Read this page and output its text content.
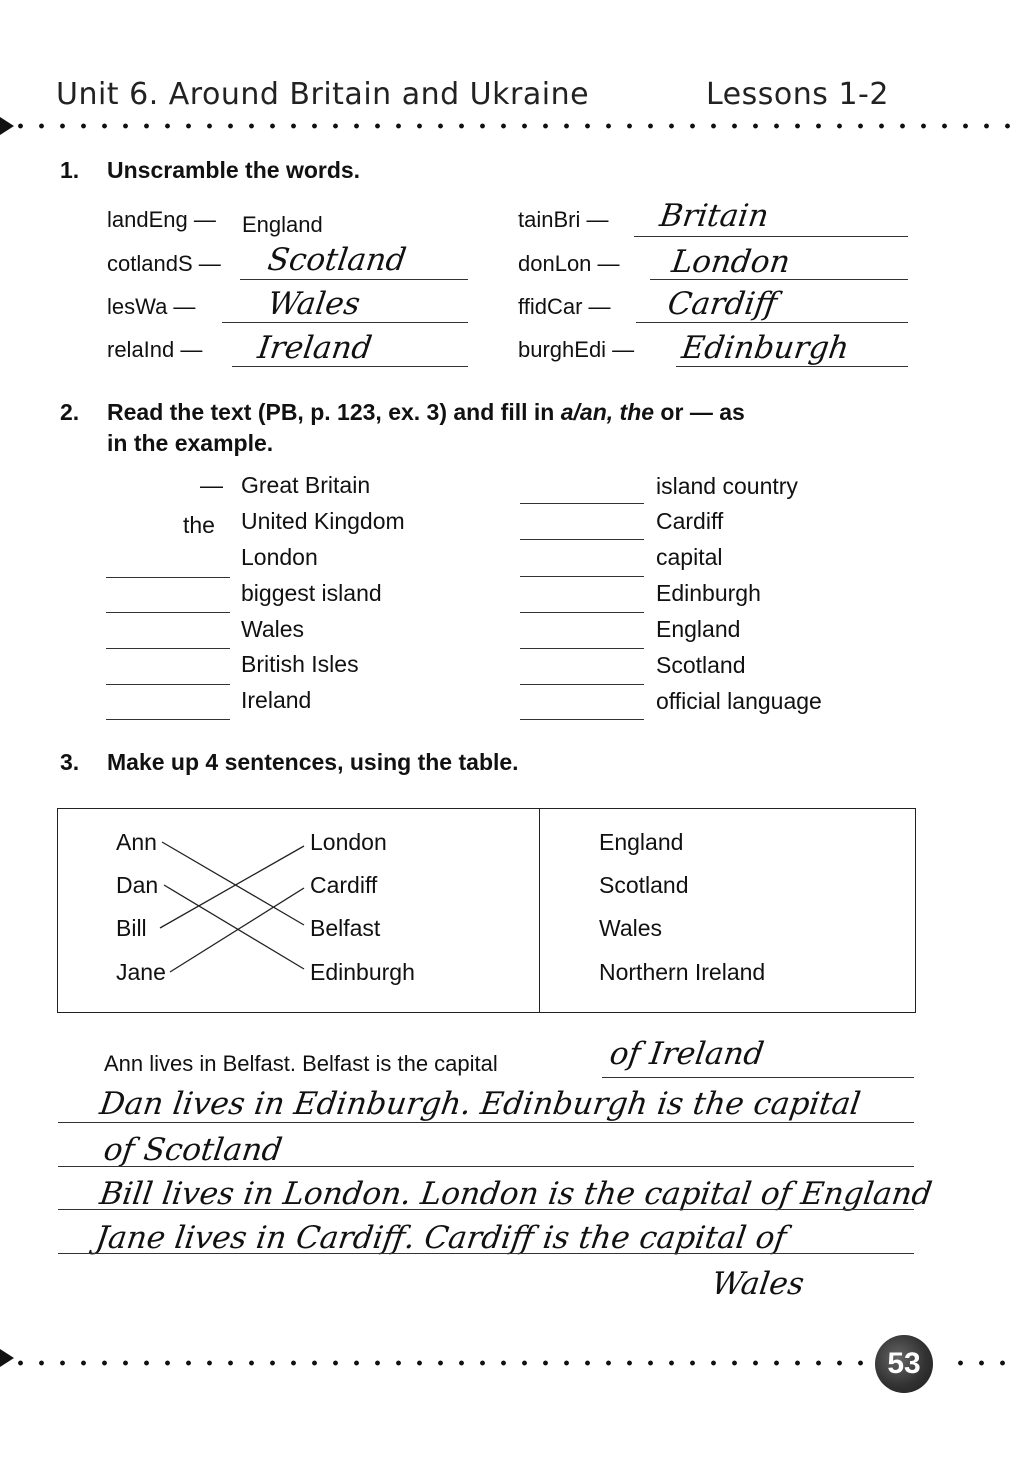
Unit 6. Around Britain and Ukraine	Lessons 1-2
1. Unscramble the words.
landEng — England
cotlandS — Scotland
lesWa — Wales
relaInd — Ireland
tainBri — Britain
donLon — London
ffidCar — Cardiff
burghEdi — Edinburgh
2. Read the text (PB, p. 123, ex. 3) and fill in a/an, the or — as
in the example.
— Great Britain
the United Kingdom
London
biggest island
Wales
British Isles
Ireland
island country
Cardiff
capital
Edinburgh
England
Scotland
official language
3. Make up 4 sentences, using the table.
Ann
Dan
Bill
Jane
London
Cardiff
Belfast
Edinburgh
England
Scotland
Wales
Northern Ireland
Ann lives in Belfast. Belfast is the capital	of Ireland
Dan lives in Edinburgh. Edinburgh is the capital
of Scotland
Bill lives in London. London is the capital of England
Jane lives in Cardiff. Cardiff is the capital of
Wales
53
